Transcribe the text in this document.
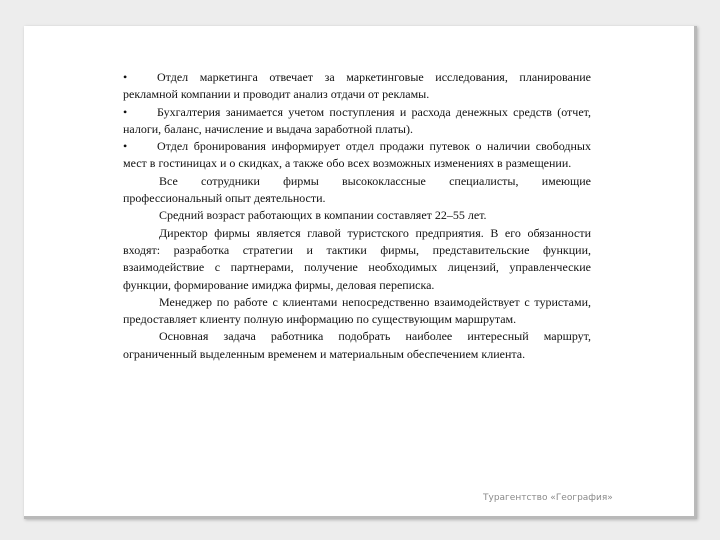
• Отдел маркетинга отвечает за маркетинговые исследования, планирование рекламной компании и проводит анализ отдачи от рекламы.

• Бухгалтерия занимается учетом поступления и расхода денежных средств (отчет, налоги, баланс, начисление и выдача заработной платы).

• Отдел бронирования информирует отдел продажи путевок о наличии свободных мест в гостиницах и о скидках, а также обо всех возможных изменениях в размещении.

Все сотрудники фирмы высококлассные специалисты, имеющие профессиональный опыт деятельности.

Средний возраст работающих в компании составляет 22–55 лет.

Директор фирмы является главой туристского предприятия. В его обязанности входят: разработка стратегии и тактики фирмы, представительские функции, взаимодействие с партнерами, получение необходимых лицензий, управленческие функции, формирование имиджа фирмы, деловая переписка.

Менеджер по работе с клиентами непосредственно взаимодействует с туристами, предоставляет клиенту полную информацию по существующим маршрутам.

Основная задача работника подобрать наиболее интересный маршрут, ограниченный выделенным временем и материальным обеспечением клиента.

Турагентство «География»
